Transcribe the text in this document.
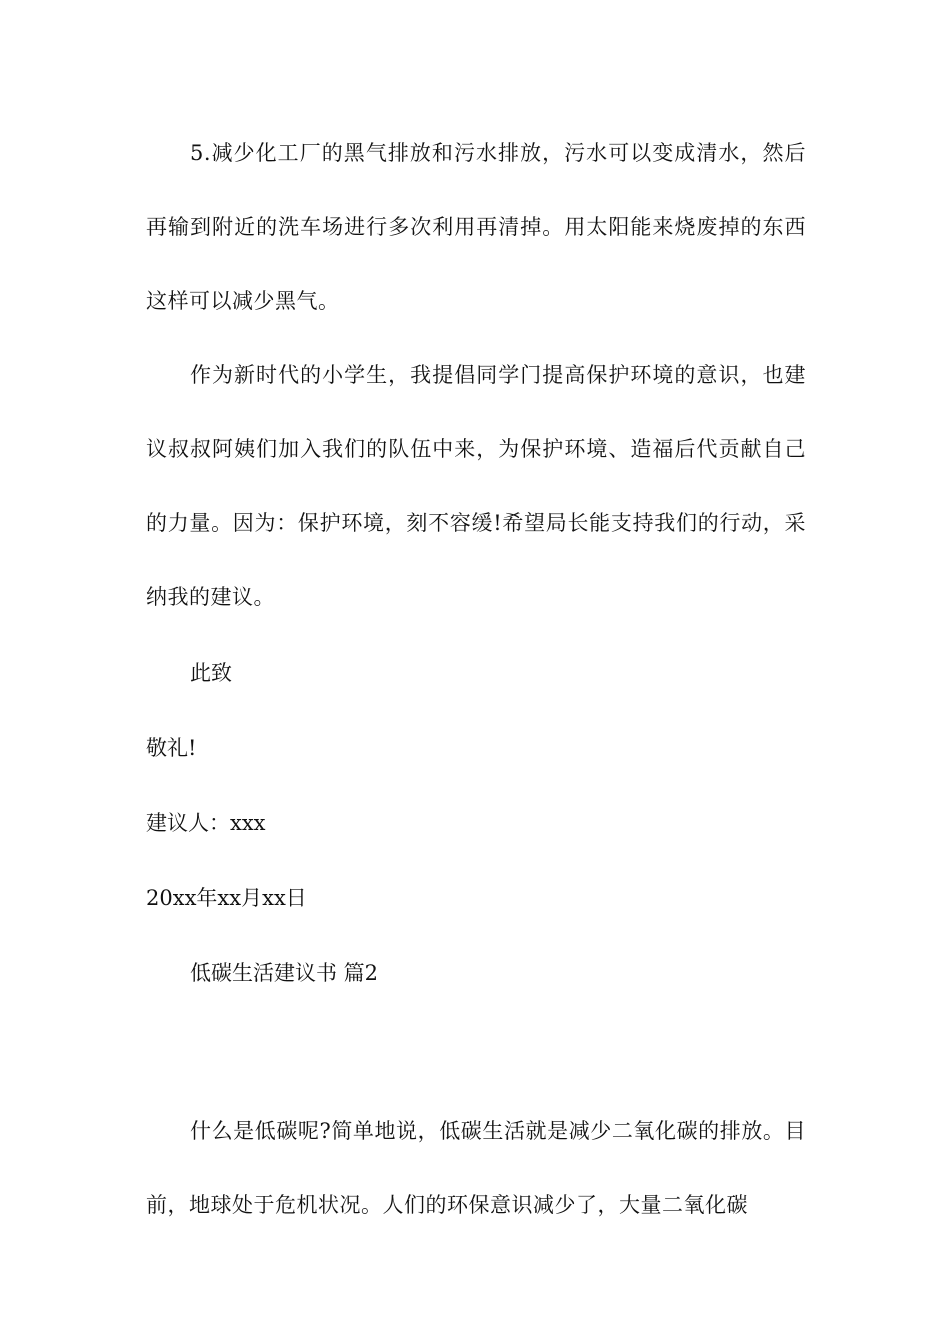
5.减少化工厂的黑气排放和污水排放，污水可以变成清水，然后再输到附近的洗车场进行多次利用再清掉。用太阳能来烧废掉的东西这样可以减少黑气。

作为新时代的小学生，我提倡同学门提高保护环境的意识，也建议叔叔阿姨们加入我们的队伍中来，为保护环境、造福后代贡献自己的力量。因为：保护环境，刻不容缓!希望局长能支持我们的行动，采纳我的建议。

此致

敬礼!

建议人：xxx

20xx年xx月xx日

低碳生活建议书 篇2

什么是低碳呢?简单地说，低碳生活就是减少二氧化碳的排放。目前，地球处于危机状况。人们的环保意识减少了，大量二氧化碳
